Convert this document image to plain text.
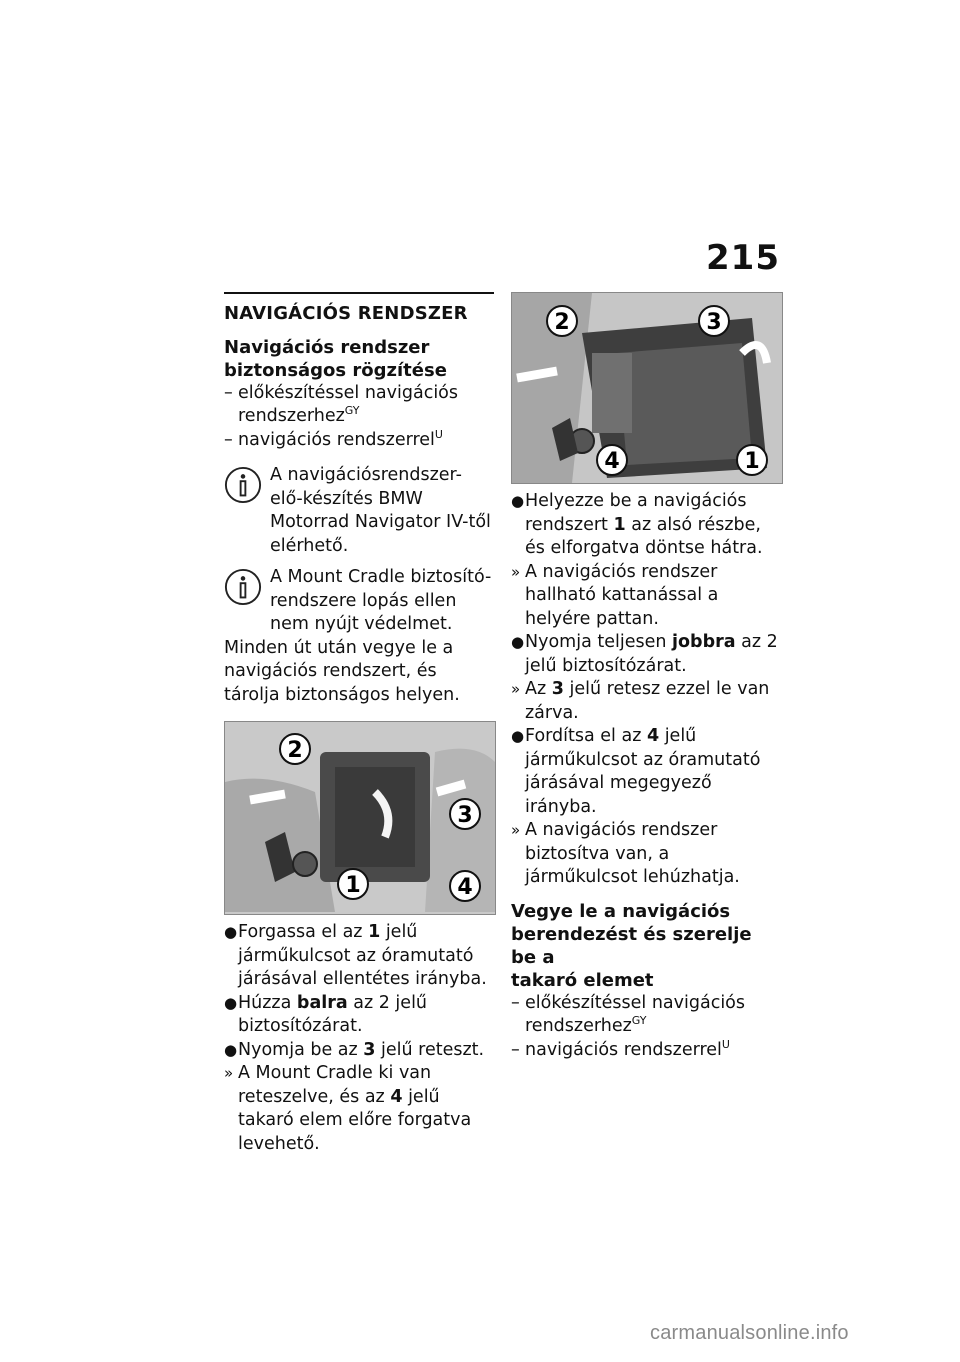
215
NAVIGÁCIÓS RENDSZER
Navigációs rendszer
biztonságos rögzítése
– előkészítéssel navigációs rendszerhez$^{GY}$
– navigációs rendszerrel$^U$
A navigációsrendszer-elő-készítés BMW Motorrad Navigator IV-től elérhető.
A Mount Cradle biztosító-rendszere lopás ellen nem nyújt védelmet.
Minden út után vegye le a navigációs rendszert, és tárolja biztonságos helyen.
2
3
1	4
● Forgassa el az 1 jelű járműkulcsot az óramutató járásával ellentétes irányba.
● Húzza balra az 2 jelű biztosítózárat.
● Nyomja be az 3 jelű reteszt.
» A Mount Cradle ki van reteszelve, és az 4 jelű takaró elem előre forgatva levehető.
2	3
4	1
● Helyezze be a navigációs rendszert 1 az alsó részbe, és elforgatva döntse hátra.
» A navigációs rendszer hallható kattanással a helyére pattan.
● Nyomja teljesen jobbra az 2 jelű biztosítózárat.
» Az 3 jelű retesz ezzel le van zárva.
● Fordítsa el az 4 jelű járműkulcsot az óramutató járásával megegyező irányba.
» A navigációs rendszer biztosítva van, a járműkulcsot lehúzhatja.
Vegye le a navigációs
berendezést és szerelje be a
takaró elemet
– előkészítéssel navigációs rendszerhez$^{GY}$
– navigációs rendszerrel$^U$
carmanualsonline.info
